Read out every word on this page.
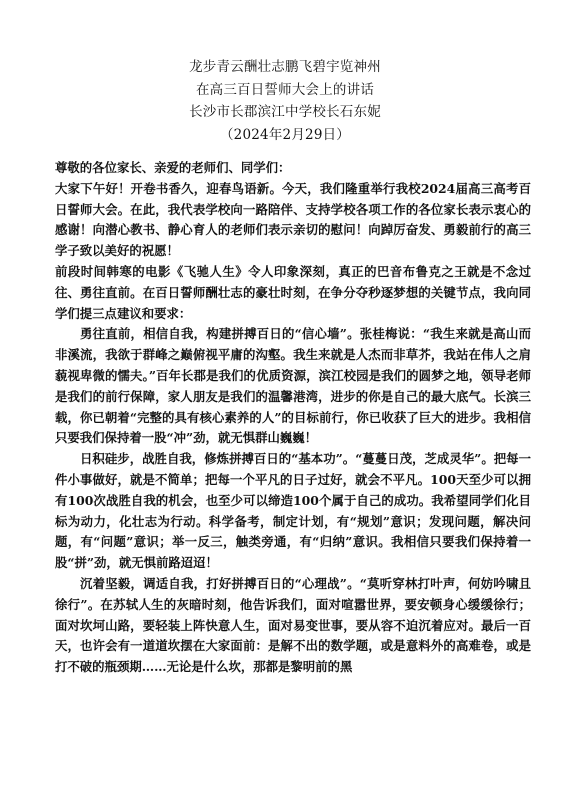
龙步青云酬壮志鹏飞碧宇览神州
在高三百日誓师大会上的讲话
长沙市长郡滨江中学校长石东妮
（2024年2月29日）

尊敬的各位家长、亲爱的老师们、同学们：

大家下午好！开卷书香久，迎春鸟语新。今天，我们隆重举行我校2024届高三高考百日誓师大会。在此，我代表学校向一路陪伴、支持学校各项工作的各位家长表示衷心的感谢！向潜心教书、静心育人的老师们表示亲切的慰问！向踔厉奋发、勇毅前行的高三学子致以美好的祝愿！

前段时间韩寒的电影《飞驰人生》令人印象深刻，真正的巴音布鲁克之王就是不念过往、勇往直前。在百日誓师酬壮志的豪壮时刻，在争分夺秒逐梦想的关键节点，我向同学们提三点建议和要求：

勇往直前，相信自我，构建拼搏百日的“信心墙”。张桂梅说：“我生来就是高山而非溪流，我欲于群峰之巅俯视平庸的沟壑。我生来就是人杰而非草芥，我站在伟人之肩藐视卑微的懦夫。”百年长郡是我们的优质资源，滨江校园是我们的圆梦之地，领导老师是我们的前行保障，家人朋友是我们的温馨港湾，进步的你是自己的最大底气。长滨三载，你已朝着“完整的具有核心素养的人”的目标前行，你已收获了巨大的进步。我相信只要我们保持着一股“冲”劲，就无惧群山巍巍！

日积硅步，战胜自我，修炼拼搏百日的“基本功”。“蔓蔓日茂，芝成灵华”。把每一件小事做好，就是不简单；把每一个平凡的日子过好，就会不平凡。100天至少可以拥有100次战胜自我的机会，也至少可以缔造100个属于自己的成功。我希望同学们化目标为动力，化壮志为行动。科学备考，制定计划，有“规划”意识；发现问题，解决问题，有“问题”意识；举一反三，触类旁通，有“归纳”意识。我相信只要我们保持着一股“拼”劲，就无惧前路迢迢！

沉着坚毅，调适自我，打好拼搏百日的“心理战”。“莫听穿林打叶声，何妨吟啸且徐行”。在苏轼人生的灰暗时刻，他告诉我们，面对喧嚣世界，要安顿身心缓缓徐行；面对坎坷山路，要轻装上阵快意人生，面对易变世事，要从容不迫沉着应对。最后一百天，也许会有一道道坎摆在大家面前：是解不出的数学题，或是意料外的高难卷，或是打不破的瓶颈期……无论是什么坎，那都是黎明前的黑
